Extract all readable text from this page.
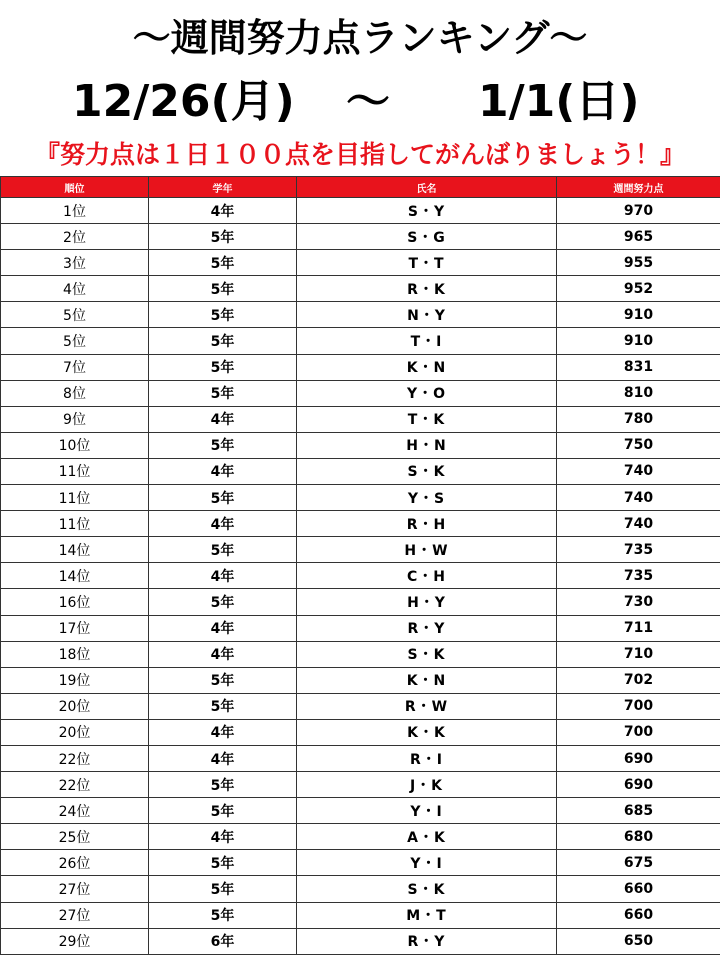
～週間努力点ランキング～
12/26(月) ～ 1/1(日)
『努力点は１日１００点を目指してがんばりましょう！』
順位	学年	氏名	週間努力点
1位	4年	S・Y	970
2位	5年	S・G	965
3位	5年	T・T	955
4位	5年	R・K	952
5位	5年	N・Y	910
5位	5年	T・I	910
7位	5年	K・N	831
8位	5年	Y・O	810
9位	4年	T・K	780
10位	5年	H・N	750
11位	4年	S・K	740
11位	5年	Y・S	740
11位	4年	R・H	740
14位	5年	H・W	735
14位	4年	C・H	735
16位	5年	H・Y	730
17位	4年	R・Y	711
18位	4年	S・K	710
19位	5年	K・N	702
20位	5年	R・W	700
20位	4年	K・K	700
22位	4年	R・I	690
22位	5年	J・K	690
24位	5年	Y・I	685
25位	4年	A・K	680
26位	5年	Y・I	675
27位	5年	S・K	660
27位	5年	M・T	660
29位	6年	R・Y	650
